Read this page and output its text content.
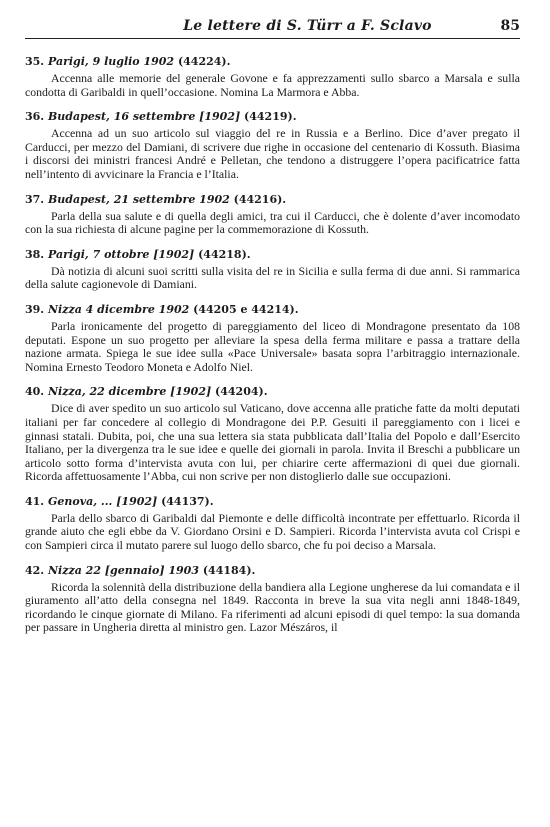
Le lettere di S. Türr a F. Sclavo	85
35. Parigi, 9 luglio 1902 (44224).
Accenna alle memorie del generale Govone e fa apprezzamenti sullo sbarco a Marsala e sulla condotta di Garibaldi in quell’occasione. Nomina La Marmora e Abba.
36. Budapest, 16 settembre [1902] (44219).
Accenna ad un suo articolo sul viaggio del re in Russia e a Berlino. Dice d’aver pregato il Carducci, per mezzo del Damiani, di scrivere due righe in occasione del centenario di Kossuth. Biasima i discorsi dei ministri francesi André e Pelletan, che tendono a distruggere l’opera pacificatrice fatta nell’intento di avvicinare la Francia e l’Italia.
37. Budapest, 21 settembre 1902 (44216).
Parla della sua salute e di quella degli amici, tra cui il Carducci, che è dolente d’aver incomodato con la sua richiesta di alcune pagine per la commemorazione di Kossuth.
38. Parigi, 7 ottobre [1902] (44218).
Dà notizia di alcuni suoi scritti sulla visita del re in Sicilia e sulla ferma di due anni. Si rammarica della salute cagionevole di Damiani.
39. Nizza 4 dicembre 1902 (44205 e 44214).
Parla ironicamente del progetto di pareggiamento del liceo di Mondragone presentato da 108 deputati. Espone un suo progetto per alleviare la spesa della ferma militare e passa a trattare della nazione armata. Spiega le sue idee sulla «Pace Universale» basata sopra l’arbitraggio internazionale. Nomina Ernesto Teodoro Moneta e Adolfo Niel.
40. Nizza, 22 dicembre [1902] (44204).
Dice di aver spedito un suo articolo sul Vaticano, dove accenna alle pratiche fatte da molti deputati italiani per far concedere al collegio di Mondragone dei P.P. Gesuiti il pareggiamento con i licei e ginnasi statali. Dubita, poi, che una sua lettera sia stata pubblicata dall’Italia del Popolo e dall’Esercito Italiano, per la divergenza tra le sue idee e quelle dei giornali in parola. Invita il Breschi a pubblicare un articolo sotto forma d’intervista avuta con lui, per chiarire certe affermazioni di quei due giornali. Ricorda affettuosamente l’Abba, cui non scrive per non distoglierlo dalle sue occupazioni.
41. Genova, ... [1902] (44137).
Parla dello sbarco di Garibaldi dal Piemonte e delle difficoltà incontrate per effettuarlo. Ricorda il grande aiuto che egli ebbe da V. Giordano Orsini e D. Sampieri. Ricorda l’intervista avuta col Crispi e con Sampieri circa il mutato parere sul luogo dello sbarco, che fu poi deciso a Marsala.
42. Nizza 22 [gennaio] 1903 (44184).
Ricorda la solennità della distribuzione della bandiera alla Legione ungherese da lui comandata e il giuramento all’atto della consegna nel 1849. Racconta in breve la sua vita negli anni 1848-1849, ricordando le cinque giornate di Milano. Fa riferimenti ad alcuni episodi di quel tempo: la sua domanda per passare in Ungheria diretta al ministro gen. Lazor Mészáros, il
